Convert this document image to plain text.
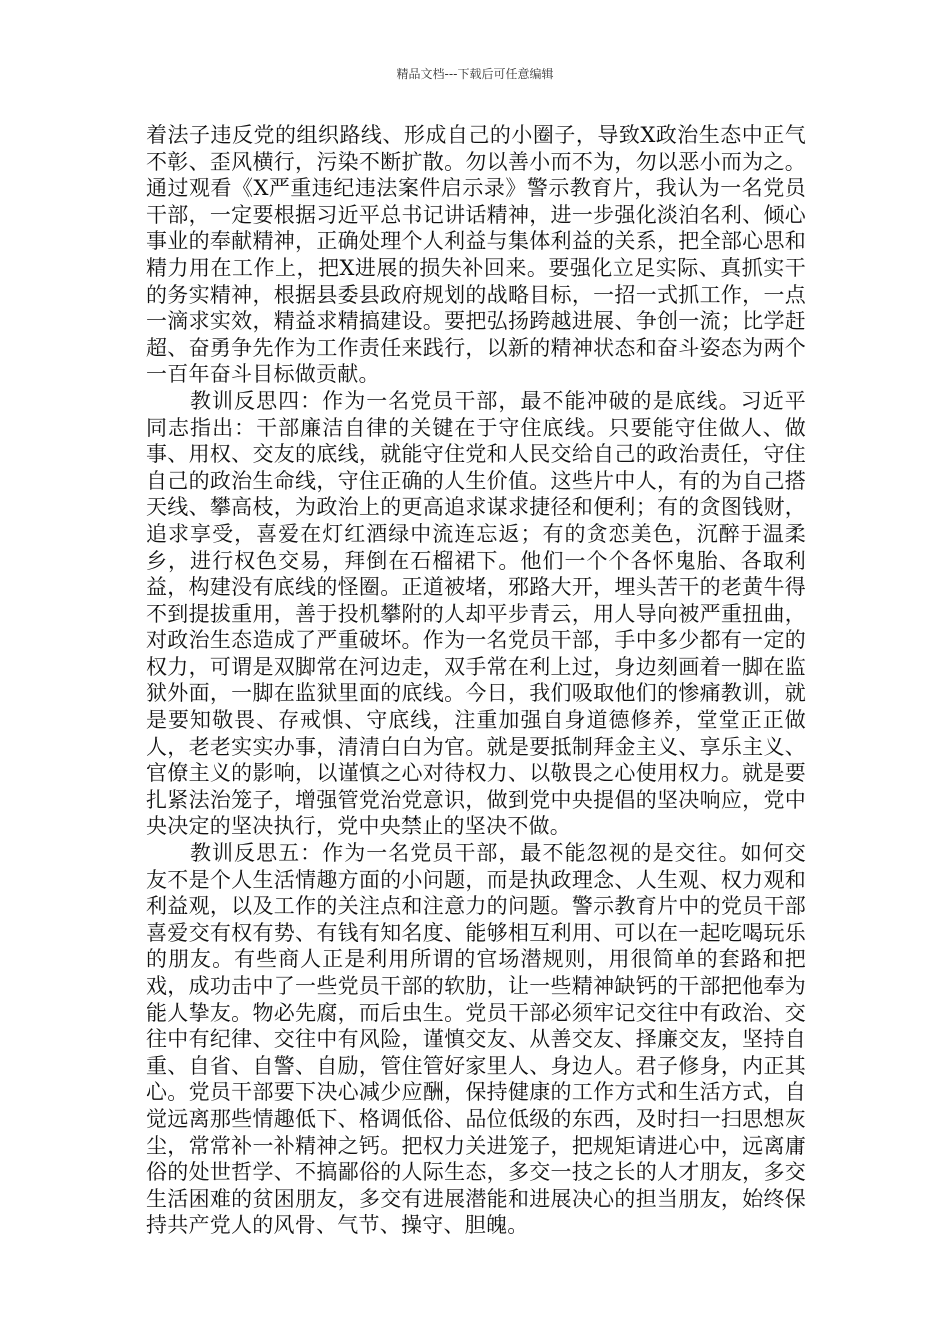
精品文档---下载后可任意编辑

着法子违反党的组织路线、形成自己的小圈子，导致X政治生态中正气不彰、歪风横行，污染不断扩散。勿以善小而不为，勿以恶小而为之。通过观看《X严重违纪违法案件启示录》警示教育片，我认为一名党员干部，一定要根据习近平总书记讲话精神，进一步强化淡泊名利、倾心事业的奉献精神，正确处理个人利益与集体利益的关系，把全部心思和精力用在工作上，把X进展的损失补回来。要强化立足实际、真抓实干的务实精神，根据县委县政府规划的战略目标，一招一式抓工作，一点一滴求实效，精益求精搞建设。要把弘扬跨越进展、争创一流；比学赶超、奋勇争先作为工作责任来践行，以新的精神状态和奋斗姿态为两个一百年奋斗目标做贡献。

教训反思四：作为一名党员干部，最不能冲破的是底线。习近平同志指出：干部廉洁自律的关键在于守住底线。只要能守住做人、做事、用权、交友的底线，就能守住党和人民交给自己的政治责任，守住自己的政治生命线，守住正确的人生价值。这些片中人，有的为自己搭天线、攀高枝，为政治上的更高追求谋求捷径和便利；有的贪图钱财，追求享受，喜爱在灯红酒绿中流连忘返；有的贪恋美色，沉醉于温柔乡，进行权色交易，拜倒在石榴裙下。他们一个个各怀鬼胎、各取利益，构建没有底线的怪圈。正道被堵，邪路大开，埋头苦干的老黄牛得不到提拔重用，善于投机攀附的人却平步青云，用人导向被严重扭曲，对政治生态造成了严重破坏。作为一名党员干部，手中多少都有一定的权力，可谓是双脚常在河边走，双手常在利上过，身边刻画着一脚在监狱外面，一脚在监狱里面的底线。今日，我们吸取他们的惨痛教训，就是要知敬畏、存戒惧、守底线，注重加强自身道德修养，堂堂正正做人，老老实实办事，清清白白为官。就是要抵制拜金主义、享乐主义、官僚主义的影响，以谨慎之心对待权力、以敬畏之心使用权力。就是要扎紧法治笼子，增强管党治党意识，做到党中央提倡的坚决响应，党中央决定的坚决执行，党中央禁止的坚决不做。

教训反思五：作为一名党员干部，最不能忽视的是交往。如何交友不是个人生活情趣方面的小问题，而是执政理念、人生观、权力观和利益观，以及工作的关注点和注意力的问题。警示教育片中的党员干部喜爱交有权有势、有钱有知名度、能够相互利用、可以在一起吃喝玩乐的朋友。有些商人正是利用所谓的官场潜规则，用很简单的套路和把戏，成功击中了一些党员干部的软肋，让一些精神缺钙的干部把他奉为能人挚友。物必先腐，而后虫生。党员干部必须牢记交往中有政治、交往中有纪律、交往中有风险，谨慎交友、从善交友、择廉交友，坚持自重、自省、自警、自励，管住管好家里人、身边人。君子修身，内正其心。党员干部要下决心减少应酬，保持健康的工作方式和生活方式，自觉远离那些情趣低下、格调低俗、品位低级的东西，及时扫一扫思想灰尘，常常补一补精神之钙。把权力关进笼子，把规矩请进心中，远离庸俗的处世哲学、不搞鄙俗的人际生态，多交一技之长的人才朋友，多交生活困难的贫困朋友，多交有进展潜能和进展决心的担当朋友，始终保持共产党人的风骨、气节、操守、胆魄。
